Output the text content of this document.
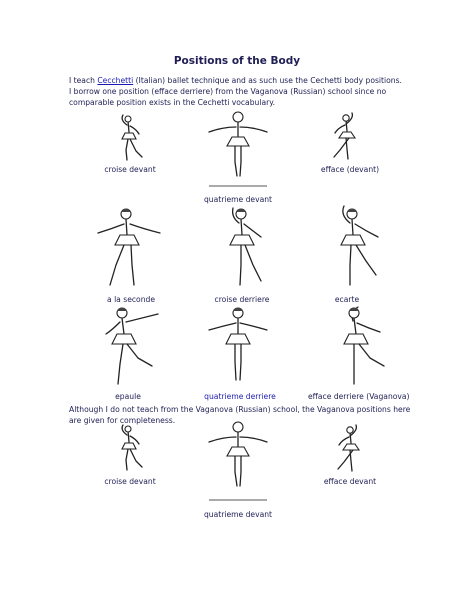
Positions of the Body

I teach Cecchetti (Italian) ballet technique and as such use the Cechetti body positions. I borrow one position (efface derriere) from the Vaganova (Russian) school since no comparable position exists in the Cechetti vocabulary.

croise devant
quatrieme devant
efface (devant)
a la seconde	croise derriere	ecarte
epaule	quatrieme derriere	efface derriere (Vaganova)

Although I do not teach from the Vaganova (Russian) school, the Vaganova positions here are given for completeness.

croise devant
quatrieme devant
efface devant
